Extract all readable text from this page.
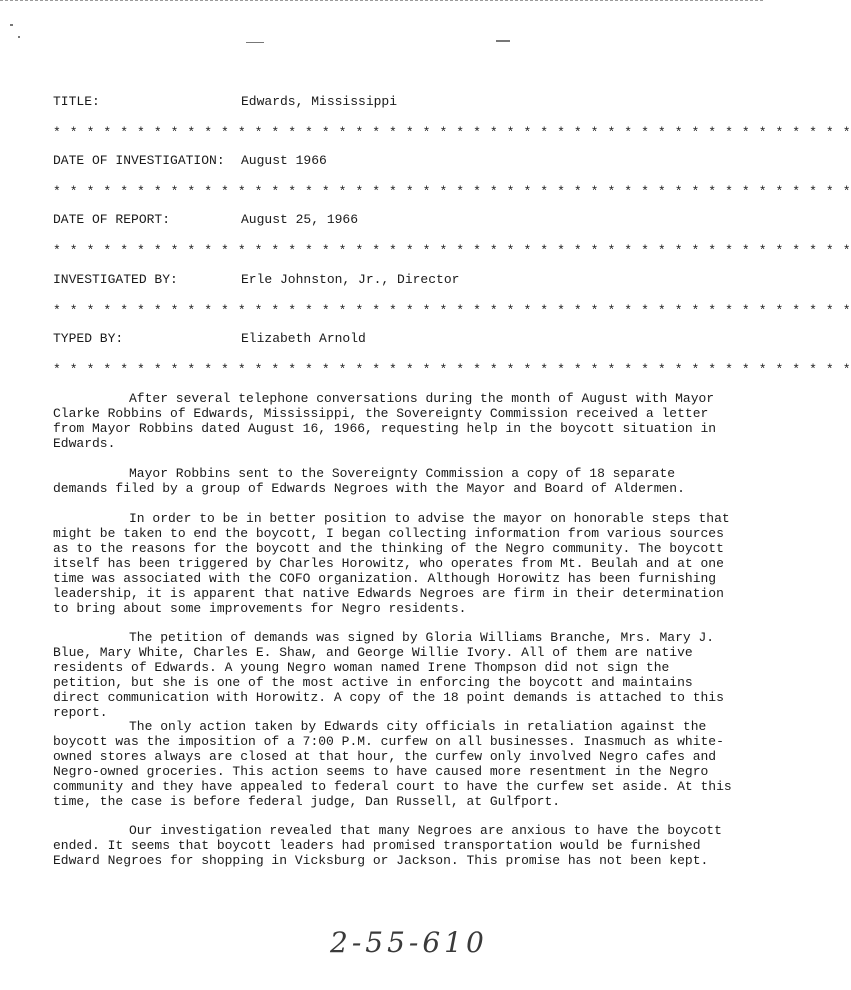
TITLE:	Edwards, Mississippi
* * * * * * * * * * * * * * * * * * * * * * * * * * * * * * * * * * * * * * * * * * * * * * * *
DATE OF INVESTIGATION: August 1966
* * * * * * * * * * * * * * * * * * * * * * * * * * * * * * * * * * * * * * * * * * * * * * * *
DATE OF REPORT:	August 25, 1966
* * * * * * * * * * * * * * * * * * * * * * * * * * * * * * * * * * * * * * * * * * * * * * * *
INVESTIGATED BY:	Erle Johnston, Jr., Director
* * * * * * * * * * * * * * * * * * * * * * * * * * * * * * * * * * * * * * * * * * * * * * * *
TYPED BY:	Elizabeth Arnold
* * * * * * * * * * * * * * * * * * * * * * * * * * * * * * * * * * * * * * * * * * * * * * * *

After several telephone conversations during the month of August with Mayor Clarke Robbins of Edwards, Mississippi, the Sovereignty Commission received a letter from Mayor Robbins dated August 16, 1966, requesting help in the boycott situation in Edwards.

Mayor Robbins sent to the Sovereignty Commission a copy of 18 separate demands filed by a group of Edwards Negroes with the Mayor and Board of Aldermen.

In order to be in better position to advise the mayor on honorable steps that might be taken to end the boycott, I began collecting information from various sources as to the reasons for the boycott and the thinking of the Negro community. The boycott itself has been triggered by Charles Horowitz, who operates from Mt. Beulah and at one time was associated with the COFO organization. Although Horowitz has been furnishing leadership, it is apparent that native Edwards Negroes are firm in their determination to bring about some improvements for Negro residents.

The petition of demands was signed by Gloria Williams Branche, Mrs. Mary J. Blue, Mary White, Charles E. Shaw, and George Willie Ivory. All of them are native residents of Edwards. A young Negro woman named Irene Thompson did not sign the petition, but she is one of the most active in enforcing the boycott and maintains direct communication with Horowitz. A copy of the 18 point demands is attached to this report.

The only action taken by Edwards city officials in retaliation against the boycott was the imposition of a 7:00 P.M. curfew on all businesses. Inasmuch as white-owned stores always are closed at that hour, the curfew only involved Negro cafes and Negro-owned groceries. This action seems to have caused more resentment in the Negro community and they have appealed to federal court to have the curfew set aside. At this time, the case is before federal judge, Dan Russell, at Gulfport.

Our investigation revealed that many Negroes are anxious to have the boycott ended. It seems that boycott leaders had promised transportation would be furnished Edward Negroes for shopping in Vicksburg or Jackson. This promise has not been kept.

2-55-610
